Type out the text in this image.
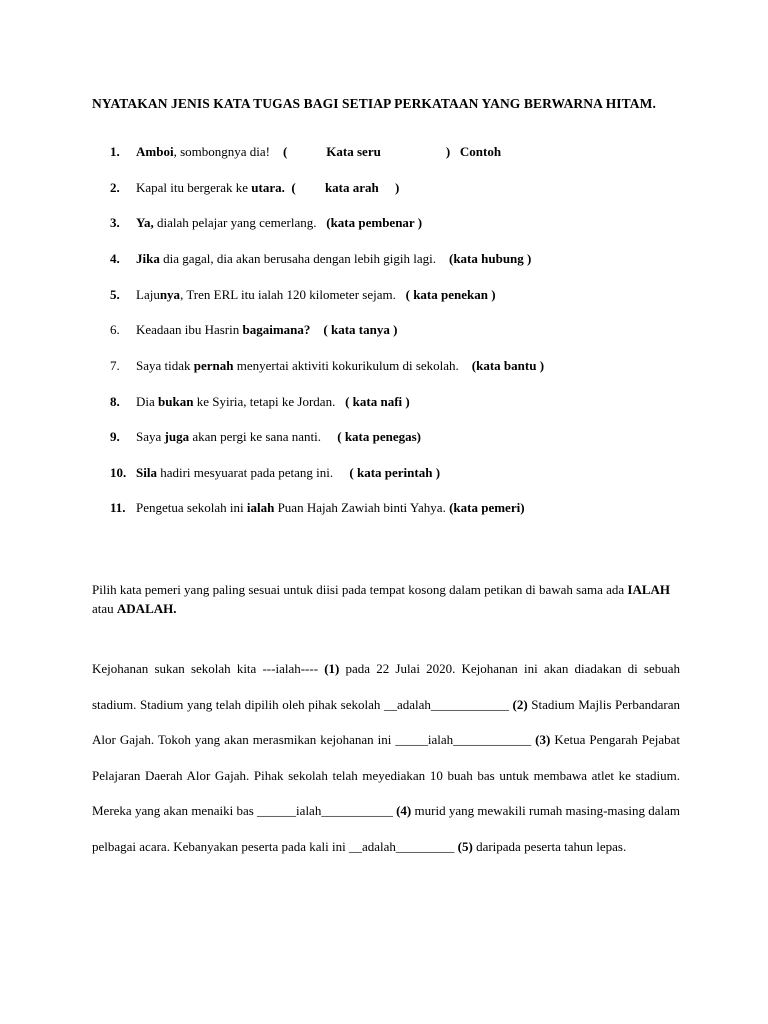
NYATAKAN JENIS KATA TUGAS BAGI SETIAP PERKATAAN YANG BERWARNA HITAM.
1. Amboi, sombongnya dia! (            Kata seru                    ) Contoh
2. Kapal itu bergerak ke utara. (         kata arah     )
3. Ya, dialah pelajar yang cemerlang. (kata pembenar )
4. Jika dia gagal, dia akan berusaha dengan lebih gigih lagi. (kata hubung )
5. Lajunya, Tren ERL itu ialah 120 kilometer sejam. ( kata penekan )
6. Keadaan ibu Hasrin bagaimana? ( kata tanya )
7. Saya tidak pernah menyertai aktiviti kokurikulum di sekolah. (kata bantu )
8. Dia bukan ke Syiria, tetapi ke Jordan. ( kata nafi )
9. Saya juga akan pergi ke sana nanti. ( kata penegas)
10. Sila hadiri mesyuarat pada petang ini. ( kata perintah )
11. Pengetua sekolah ini ialah Puan Hajah Zawiah binti Yahya. (kata pemeri)
Pilih kata pemeri yang paling sesuai untuk diisi pada tempat kosong dalam petikan di bawah sama ada IALAH atau ADALAH.
Kejohanan sukan sekolah kita ---ialah---- (1) pada 22 Julai 2020. Kejohanan ini akan diadakan di sebuah stadium. Stadium yang telah dipilih oleh pihak sekolah __adalah____________ (2) Stadium Majlis Perbandaran Alor Gajah. Tokoh yang akan merasmikan kejohanan ini _____ialah____________ (3) Ketua Pengarah Pejabat Pelajaran Daerah Alor Gajah. Pihak sekolah telah meyediakan 10 buah bas untuk membawa atlet ke stadium. Mereka yang akan menaiki bas ______ialah___________ (4) murid yang mewakili rumah masing-masing dalam pelbagai acara. Kebanyakan peserta pada kali ini __adalah_________ (5) daripada peserta tahun lepas.
